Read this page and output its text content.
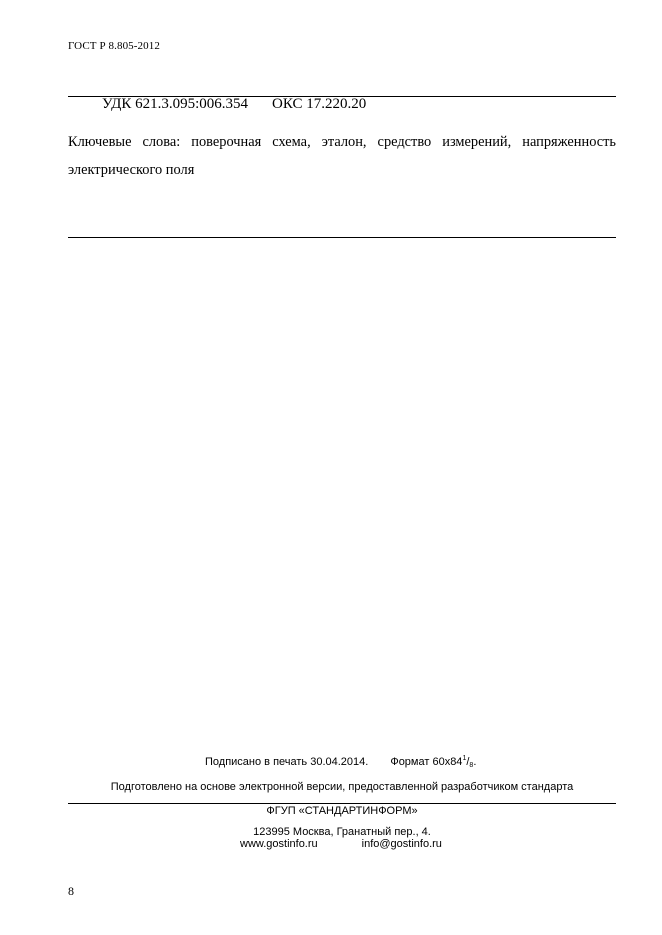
ГОСТ Р 8.805-2012
УДК 621.3.095:006.354 ОКС 17.220.20
Ключевые слова: поверочная схема, эталон, средство измерений, напряженность
электрического поля
Подписано в печать 30.04.2014. Формат $60x84^1/_8$.
Подготовлено на основе электронной версии, предоставленной разработчиком стандарта
ФГУП «СТАНДАРТИНФОРМ»
123995 Москва, Гранатный пер., 4.
www.gostinfo.ru	info@gostinfo.ru
8
